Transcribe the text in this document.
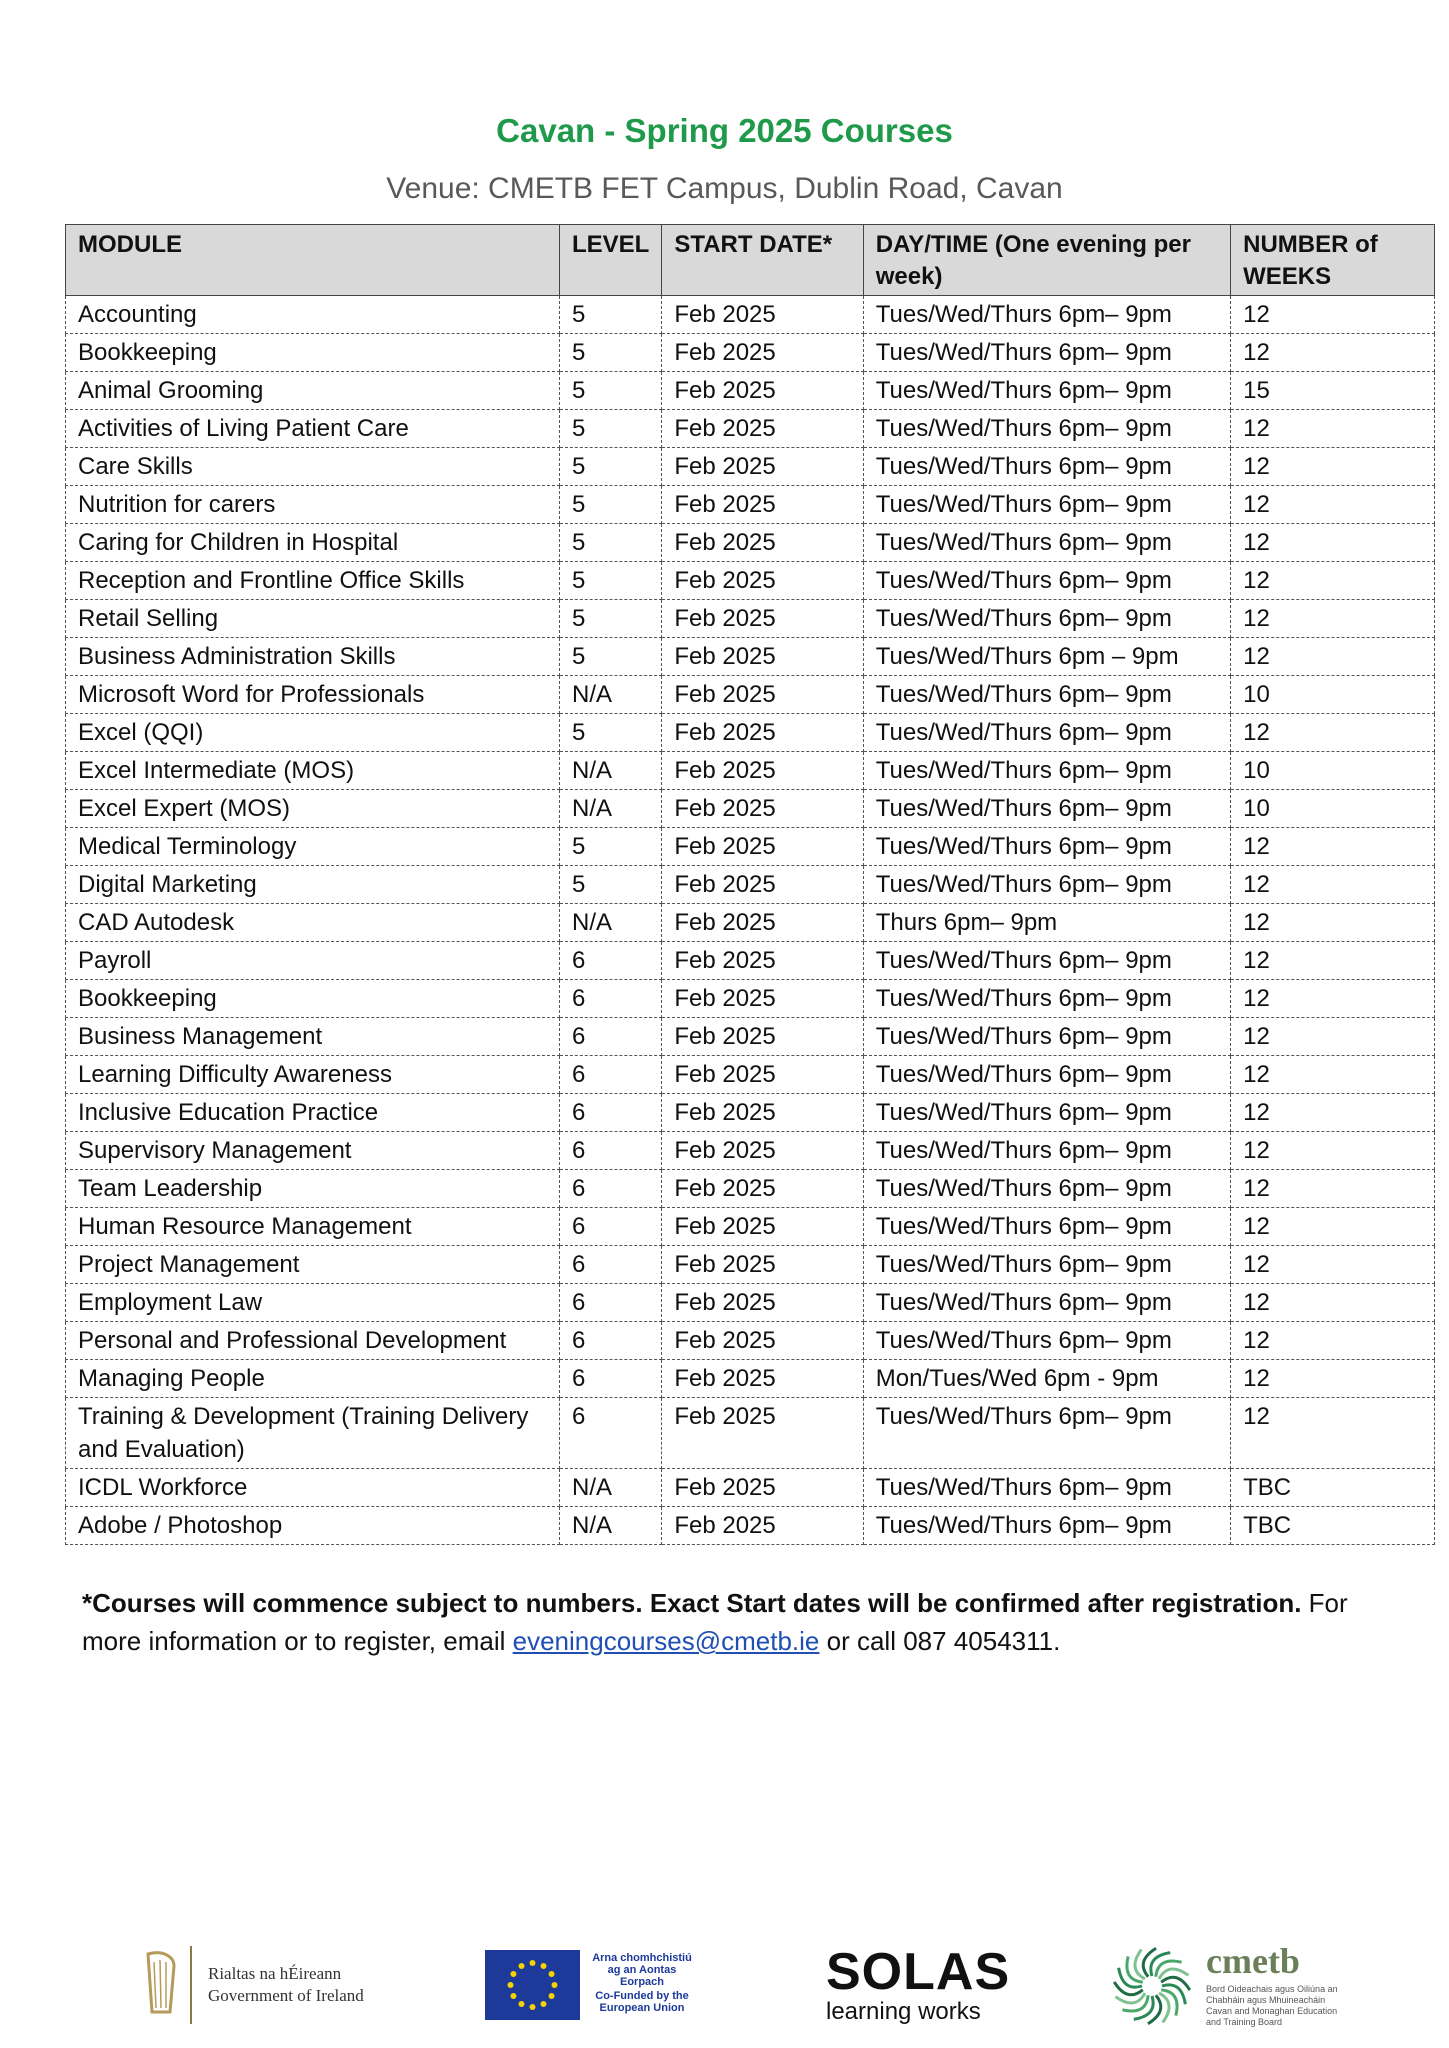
Cavan - Spring 2025 Courses
Venue: CMETB FET Campus, Dublin Road, Cavan
MODULE	LEVEL	START DATE*	DAY/TIME (One evening per week)	NUMBER of WEEKS
Accounting	5	Feb 2025	Tues/Wed/Thurs 6pm– 9pm	12
Bookkeeping	5	Feb 2025	Tues/Wed/Thurs 6pm– 9pm	12
Animal Grooming	5	Feb 2025	Tues/Wed/Thurs 6pm– 9pm	15
Activities of Living Patient Care	5	Feb 2025	Tues/Wed/Thurs 6pm– 9pm	12
Care Skills	5	Feb 2025	Tues/Wed/Thurs 6pm– 9pm	12
Nutrition for carers	5	Feb 2025	Tues/Wed/Thurs 6pm– 9pm	12
Caring for Children in Hospital	5	Feb 2025	Tues/Wed/Thurs 6pm– 9pm	12
Reception and Frontline Office Skills	5	Feb 2025	Tues/Wed/Thurs 6pm– 9pm	12
Retail Selling	5	Feb 2025	Tues/Wed/Thurs 6pm– 9pm	12
Business Administration Skills	5	Feb 2025	Tues/Wed/Thurs 6pm – 9pm	12
Microsoft Word for Professionals	N/A	Feb 2025	Tues/Wed/Thurs 6pm– 9pm	10
Excel (QQI)	5	Feb 2025	Tues/Wed/Thurs 6pm– 9pm	12
Excel Intermediate (MOS)	N/A	Feb 2025	Tues/Wed/Thurs 6pm– 9pm	10
Excel Expert (MOS)	N/A	Feb 2025	Tues/Wed/Thurs 6pm– 9pm	10
Medical Terminology	5	Feb 2025	Tues/Wed/Thurs 6pm– 9pm	12
Digital Marketing	5	Feb 2025	Tues/Wed/Thurs 6pm– 9pm	12
CAD Autodesk	N/A	Feb 2025	Thurs 6pm– 9pm	12
Payroll	6	Feb 2025	Tues/Wed/Thurs 6pm– 9pm	12
Bookkeeping	6	Feb 2025	Tues/Wed/Thurs 6pm– 9pm	12
Business Management	6	Feb 2025	Tues/Wed/Thurs 6pm– 9pm	12
Learning Difficulty Awareness	6	Feb 2025	Tues/Wed/Thurs 6pm– 9pm	12
Inclusive Education Practice	6	Feb 2025	Tues/Wed/Thurs 6pm– 9pm	12
Supervisory Management	6	Feb 2025	Tues/Wed/Thurs 6pm– 9pm	12
Team Leadership	6	Feb 2025	Tues/Wed/Thurs 6pm– 9pm	12
Human Resource Management	6	Feb 2025	Tues/Wed/Thurs 6pm– 9pm	12
Project Management	6	Feb 2025	Tues/Wed/Thurs 6pm– 9pm	12
Employment Law	6	Feb 2025	Tues/Wed/Thurs 6pm– 9pm	12
Personal and Professional Development	6	Feb 2025	Tues/Wed/Thurs 6pm– 9pm	12
Managing People	6	Feb 2025	Mon/Tues/Wed 6pm - 9pm	12
Training & Development (Training Delivery and Evaluation)	6	Feb 2025	Tues/Wed/Thurs 6pm– 9pm	12
ICDL Workforce	N/A	Feb 2025	Tues/Wed/Thurs 6pm– 9pm	TBC
Adobe / Photoshop	N/A	Feb 2025	Tues/Wed/Thurs 6pm– 9pm	TBC
*Courses will commence subject to numbers. Exact Start dates will be confirmed after registration. For more information or to register, email eveningcourses@cmetb.ie or call 087 4054311.
Rialtas na hÉireann
Government of Ireland
Arna chomhchistiú ag an Aontas Eorpach
Co-Funded by the European Union
SOLAS
learning works
cmetb
Bord Oideachais agus Oiliúna an Chabháin agus Mhuineacháin Cavan and Monaghan Education and Training Board
